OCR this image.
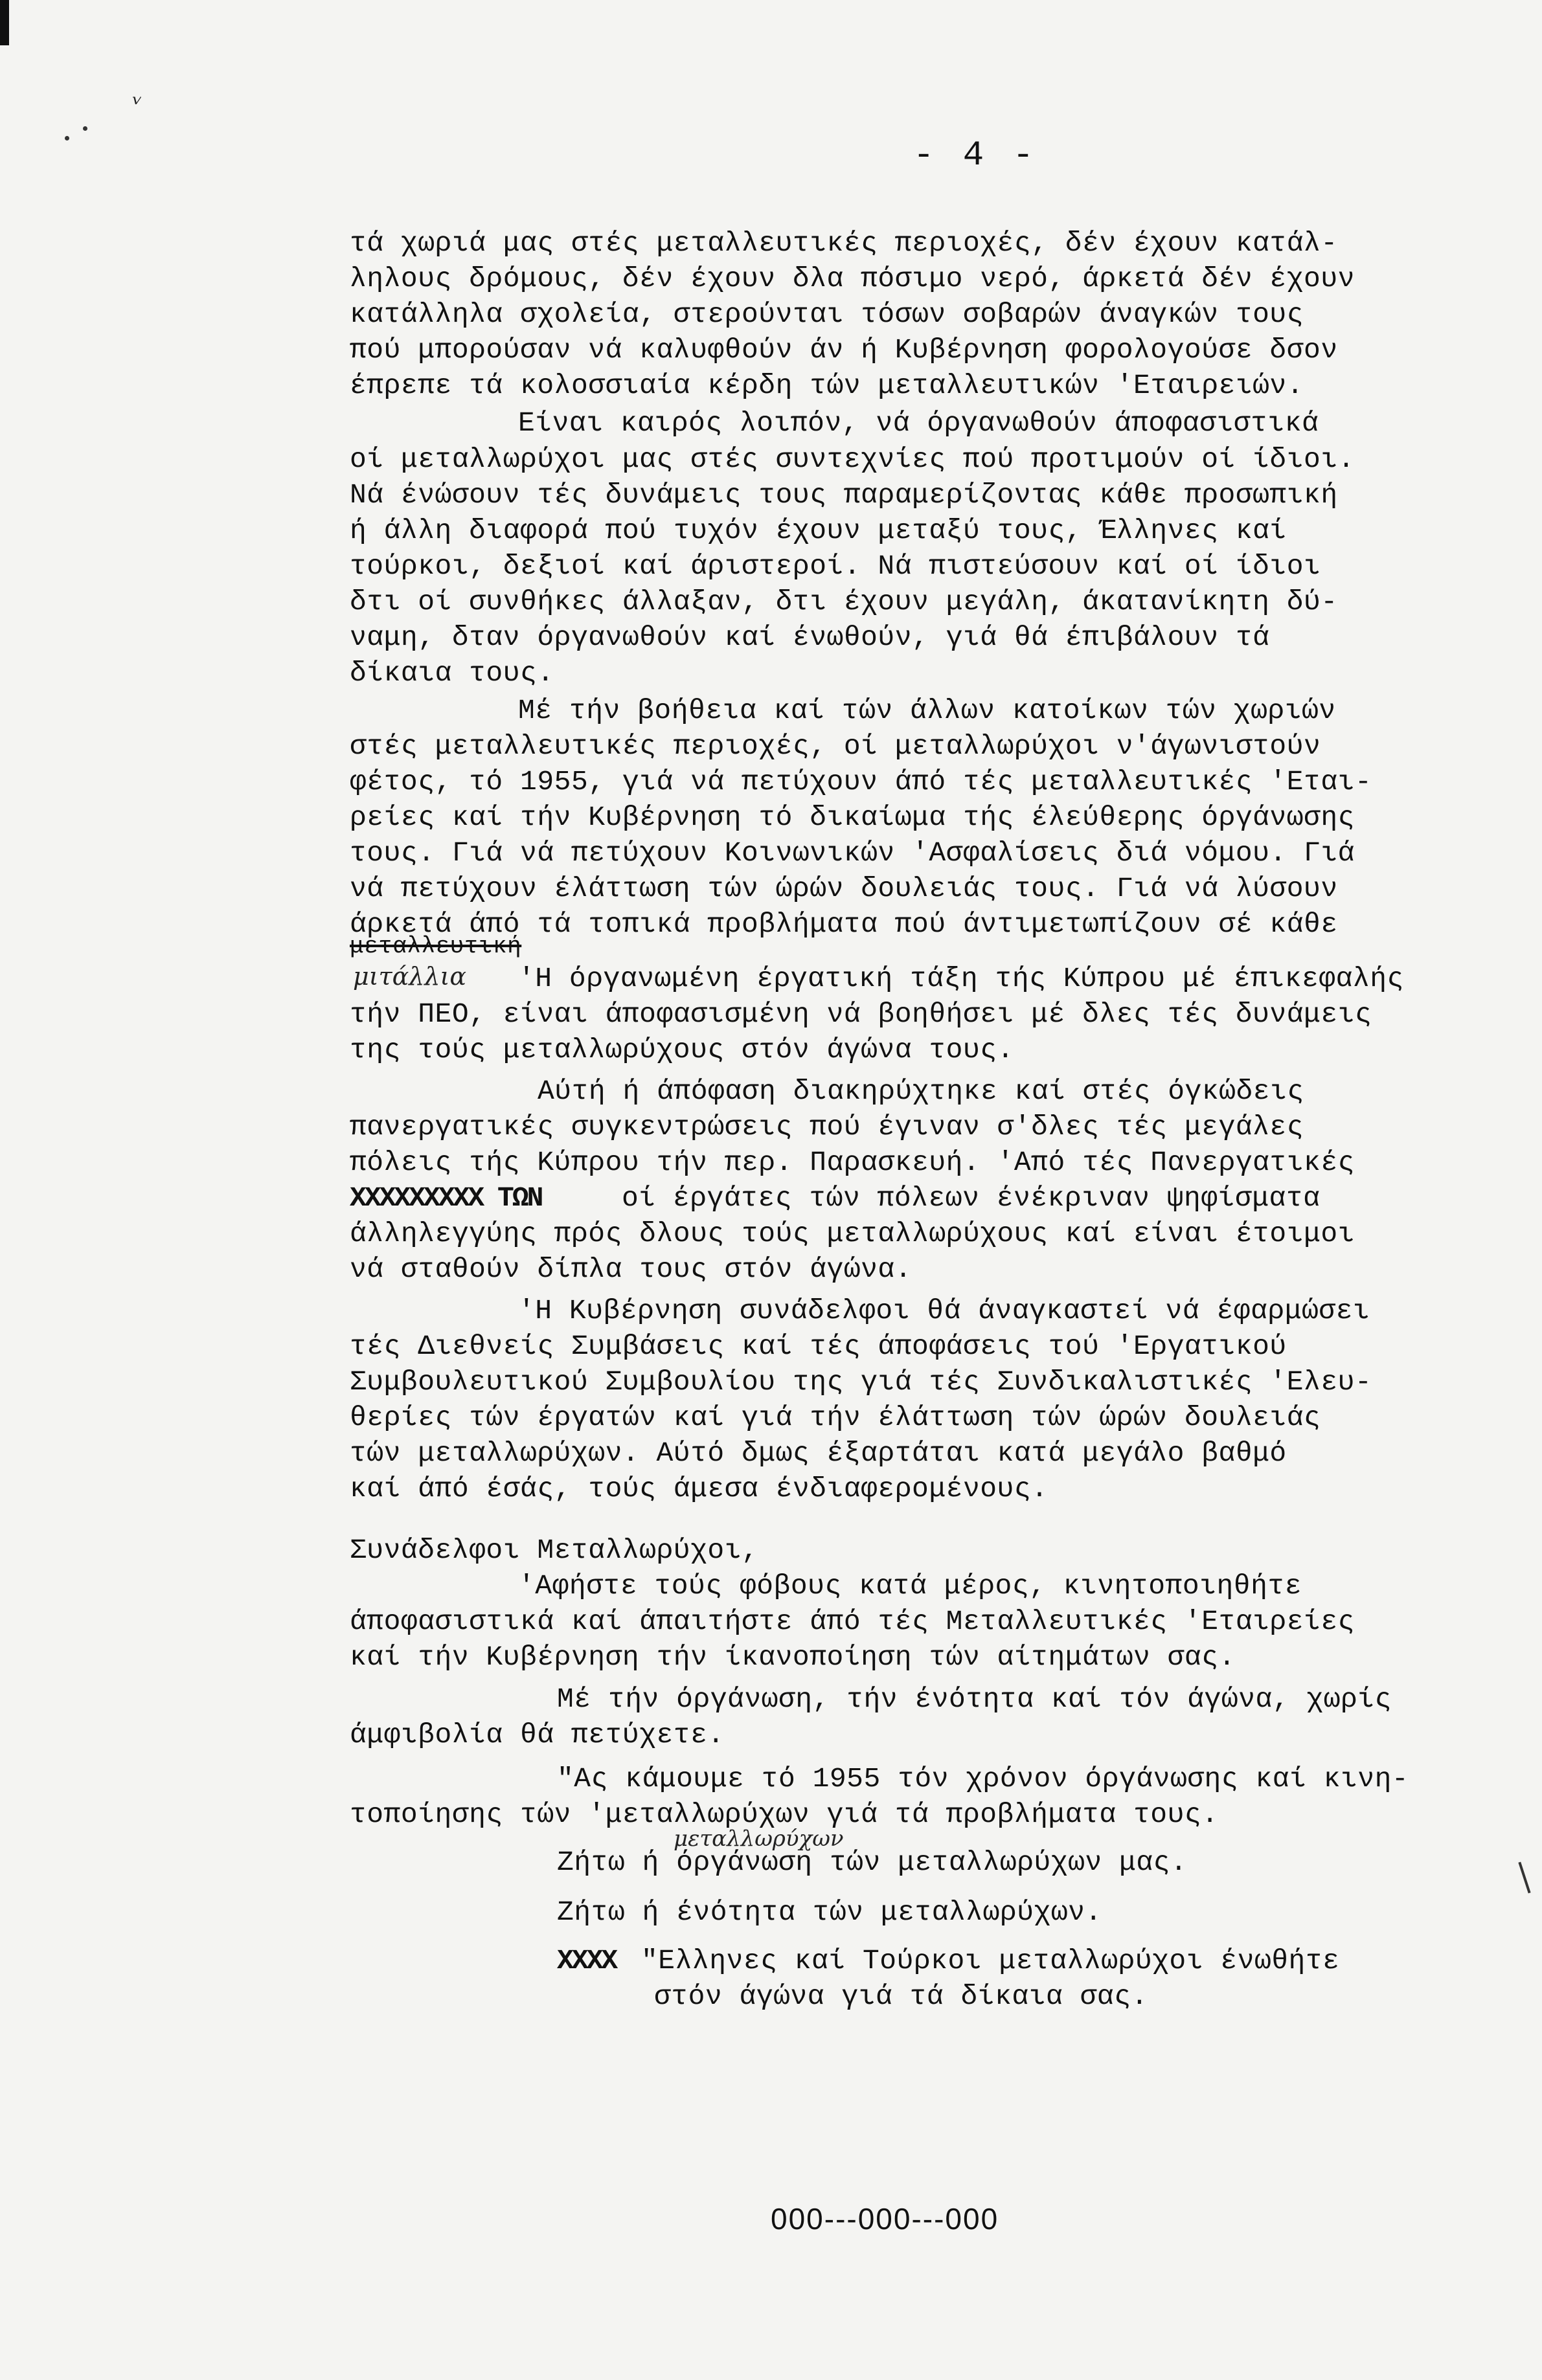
ᵥ
- 4 -
τά χωριά μας στές μεταλλευτικές περιοχές, δέν έχουν κατάλ-
ληλους δρόμους, δέν έχουν δλα πόσιμο νερό, άρκετά δέν έχουν
κατάλληλα σχολεία, στερούνται τόσων σοβαρών άναγκών τους
πού μπορούσαν νά καλυφθούν άν ή Κυβέρνηση φορολογούσε δσον
έπρεπε τά κολοσσιαία κέρδη τών μεταλλευτικών 'Εταιρειών.
Είναι καιρός λοιπόν, νά όργανωθούν άποφασιστικά
οί μεταλλωρύχοι μας στές συντεχνίες πού προτιμούν οί ίδιοι.
Νά ένώσουν τές δυνάμεις τους παραμερίζοντας κάθε προσωπική
ή άλλη διαφορά πού τυχόν έχουν μεταξύ τους, Έλληνες καί
τούρκοι, δεξιοί καί άριστεροί. Νά πιστεύσουν καί οί ίδιοι
δτι οί συνθήκες άλλαξαν, δτι έχουν μεγάλη, άκατανίκητη δύ-
ναμη, δταν όργανωθούν καί ένωθούν, γιά θά έπιβάλουν τά
δίκαια τους.
Μέ τήν βοήθεια καί τών άλλων κατοίκων τών χωριών
στές μεταλλευτικές περιοχές, οί μεταλλωρύχοι ν'άγωνιστούν
φέτος, τό 1955, γιά νά πετύχουν άπό τές μεταλλευτικές 'Εται-
ρείες καί τήν Κυβέρνηση τό δικαίωμα τής έλεύθερης όργάνωσης
τους. Γιά νά πετύχουν Κοινωνικών 'Ασφαλίσεις διά νόμου. Γιά
νά πετύχουν έλάττωση τών ώρών δουλειάς τους. Γιά νά λύσουν
άρκετά άπό τά τοπικά προβλήματα πού άντιμετωπίζουν σέ κάθε
μεταλλευτική
μιτάλλια 'Η όργανωμένη έργατική τάξη τής Κύπρου μέ έπικεφαλής
τήν ΠΕΟ, είναι άποφασισμένη νά βοηθήσει μέ δλες τές δυνάμεις
της τούς μεταλλωρύχους στόν άγώνα τους.
Αύτή ή άπόφαση διακηρύχτηκε καί στές όγκώδεις
πανεργατικές συγκεντρώσεις πού έγιναν σ'δλες τές μεγάλες
πόλεις τής Κύπρου τήν περ. Παρασκευή. 'Από τές Πανεργατικές
ΧΧΧΧΧΧΧΧΧ ΤΩΝ	οί έργάτες τών πόλεων ένέκριναν ψηφίσματα
άλληλεγγύης πρός δλους τούς μεταλλωρύχους καί είναι έτοιμοι
νά σταθούν δίπλα τους στόν άγώνα.
'Η Κυβέρνηση συνάδελφοι θά άναγκαστεί νά έφαρμώσει
τές Διεθνείς Συμβάσεις καί τές άποφάσεις τού 'Εργατικού
Συμβουλευτικού Συμβουλίου της γιά τές Συνδικαλιστικές 'Ελευ-
θερίες τών έργατών καί γιά τήν έλάττωση τών ώρών δουλειάς
τών μεταλλωρύχων. Αύτό δμως έξαρτάται κατά μεγάλο βαθμό
καί άπό έσάς, τούς άμεσα ένδιαφερομένους.
Συνάδελφοι Μεταλλωρύχοι,
'Αφήστε τούς φόβους κατά μέρος, κινητοποιηθήτε
άποφασιστικά καί άπαιτήστε άπό τές Μεταλλευτικές 'Εταιρείες
καί τήν Κυβέρνηση τήν ίκανοποίηση τών αίτημάτων σας.
Μέ τήν όργάνωση, τήν ένότητα καί τόν άγώνα, χωρίς
άμφιβολία θά πετύχετε.
"Ας κάμουμε τό 1955 τόν χρόνον όργάνωσης καί κινη-
τοποίησης τών 'μεταλλωρύχων γιά τά προβλήματα τους.
μεταλλωρύχων
Ζήτω ή όργάνωση τών μεταλλωρύχων μας.
Ζήτω ή ένότητα τών μεταλλωρύχων.
ΧΧΧΧ "Ελληνες καί Τούρκοι μεταλλωρύχοι ένωθήτε
στόν άγώνα γιά τά δίκαια σας.
000---000---000
